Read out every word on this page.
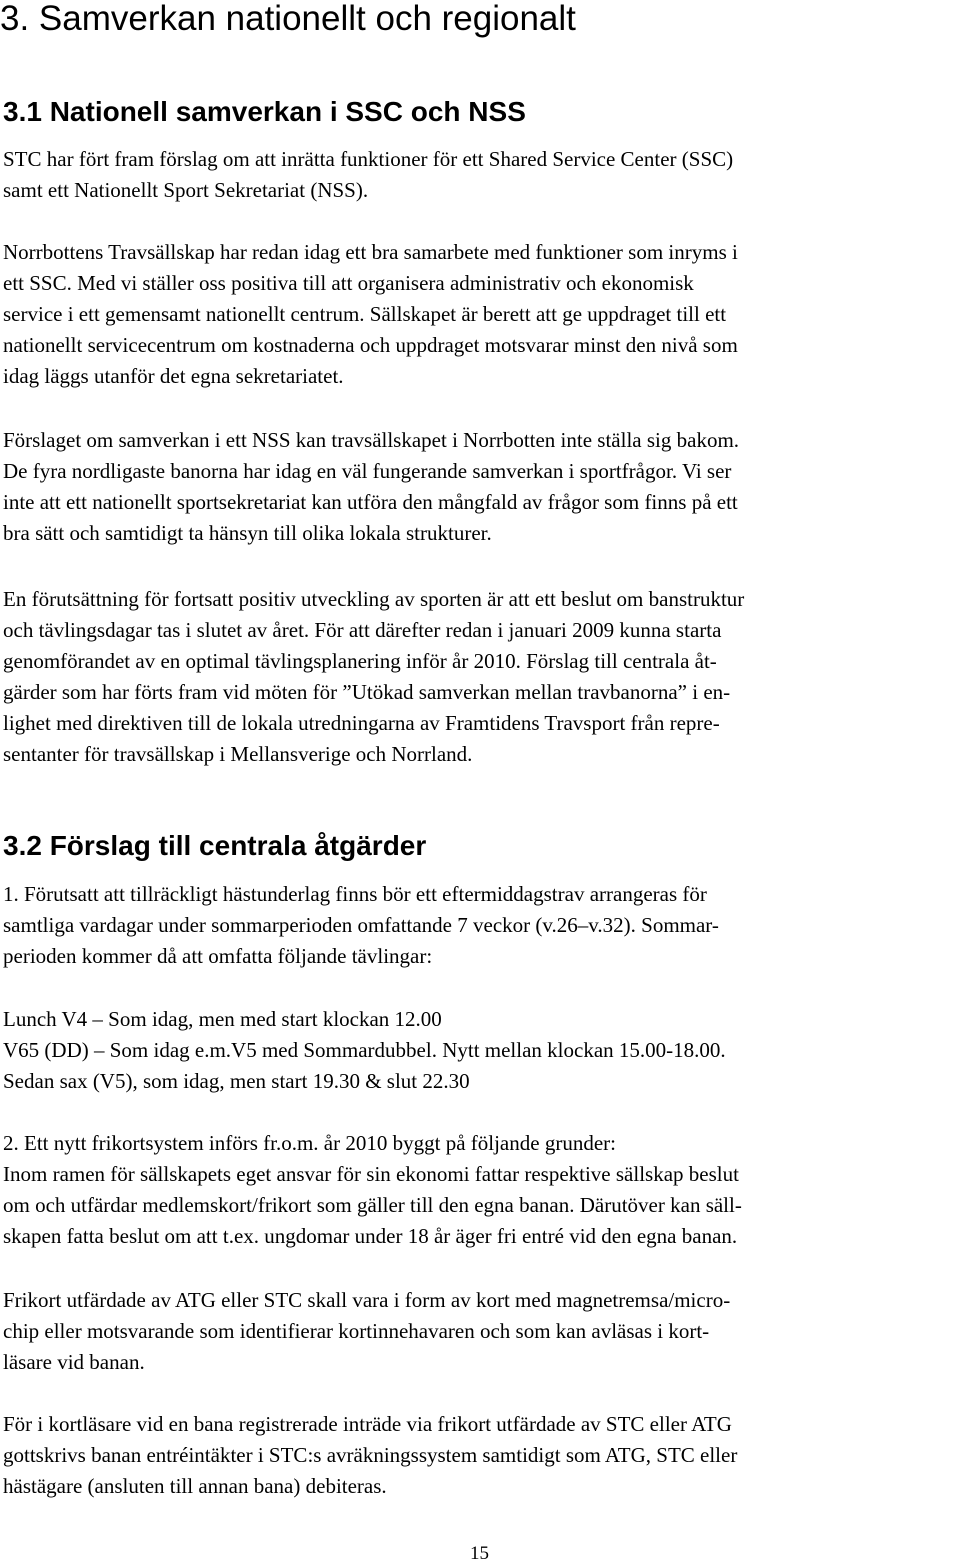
3. Samverkan nationellt och regionalt
3.1 Nationell samverkan i SSC och NSS
STC har fört fram förslag om att inrätta funktioner för ett Shared Service Center (SSC)
samt ett Nationellt Sport Sekretariat (NSS).
Norrbottens Travsällskap har redan idag ett bra samarbete med funktioner som inryms i
ett SSC. Med vi ställer oss positiva till att organisera administrativ och ekonomisk
service i ett gemensamt nationellt centrum. Sällskapet är berett att ge uppdraget till ett
nationellt servicecentrum om kostnaderna och uppdraget motsvarar minst den nivå som
idag läggs utanför det egna sekretariatet.
Förslaget om samverkan i ett NSS kan travsällskapet i Norrbotten inte ställa sig bakom.
De fyra nordligaste banorna har idag en väl fungerande samverkan i sportfrågor. Vi ser
inte att ett nationellt sportsekretariat kan utföra den mångfald av frågor som finns på ett
bra sätt och samtidigt ta hänsyn till olika lokala strukturer.
En förutsättning för fortsatt positiv utveckling av sporten är att ett beslut om banstruktur
och tävlingsdagar tas i slutet av året. För att därefter redan i januari 2009 kunna starta
genomförandet av en optimal tävlingsplanering inför år 2010. Förslag till centrala åt-
gärder som har förts fram vid möten för ”Utökad samverkan mellan travbanorna” i en-
lighet med direktiven till de lokala utredningarna av Framtidens Travsport från repre-
sentanter för travsällskap i Mellansverige och Norrland.
3.2 Förslag till centrala åtgärder
1. Förutsatt att tillräckligt hästunderlag finns bör ett eftermiddagstrav arrangeras för
samtliga vardagar under sommarperioden omfattande 7 veckor (v.26–v.32). Sommar-
perioden kommer då att omfatta följande tävlingar:
Lunch V4 – Som idag, men med start klockan 12.00
V65 (DD) – Som idag e.m.V5 med Sommardubbel. Nytt mellan klockan 15.00-18.00.
Sedan sax (V5), som idag, men start 19.30 & slut 22.30
2. Ett nytt frikortsystem införs fr.o.m. år 2010 byggt på följande grunder:
Inom ramen för sällskapets eget ansvar för sin ekonomi fattar respektive sällskap beslut
om och utfärdar medlemskort/frikort som gäller till den egna banan. Därutöver kan säll-
skapen fatta beslut om att t.ex. ungdomar under 18 år äger fri entré vid den egna banan.
Frikort utfärdade av ATG eller STC skall vara i form av kort med magnetremsa/micro-
chip eller motsvarande som identifierar kortinnehavaren och som kan avläsas i kort-
läsare vid banan.
För i kortläsare vid en bana registrerade inträde via frikort utfärdade av STC eller ATG
gottskrivs banan entréintäkter i STC:s avräkningssystem samtidigt som ATG, STC eller
hästägare (ansluten till annan bana) debiteras.
15
